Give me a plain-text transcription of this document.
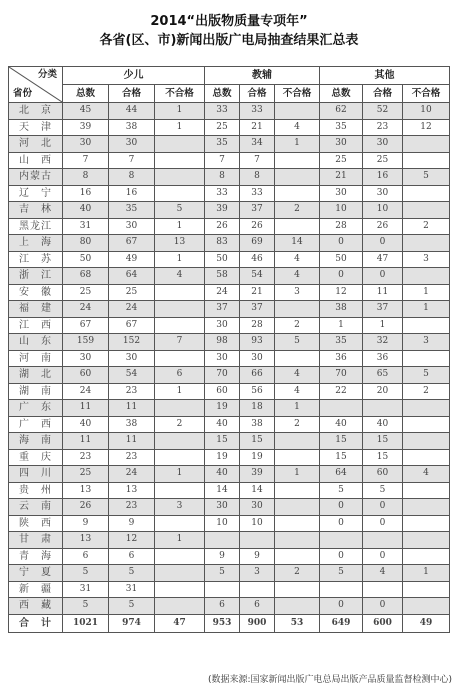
2014“出版物质量专项年”
各省(区、市)新闻出版广电局抽查结果汇总表
分类
省份	少儿			教辅			其他		
	总数	合格	不合格	总数	合格	不合格	总数	合格	不合格
北　京	45	44	1	33	33		62	52	10
天　津	39	38	1	25	21	4	35	23	12
河　北	30	30		35	34	1	30	30	
山　西	7	7		7	7		25	25	
内蒙古	8	8		8	8		21	16	5
辽　宁	16	16		33	33		30	30	
吉　林	40	35	5	39	37	2	10	10	
黑龙江	31	30	1	26	26		28	26	2
上　海	80	67	13	83	69	14	0	0	
江　苏	50	49	1	50	46	4	50	47	3
浙　江	68	64	4	58	54	4	0	0	
安　徽	25	25		24	21	3	12	11	1
福　建	24	24		37	37		38	37	1
江　西	67	67		30	28	2	1	1	
山　东	159	152	7	98	93	5	35	32	3
河　南	30	30		30	30		36	36	
湖　北	60	54	6	70	66	4	70	65	5
湖　南	24	23	1	60	56	4	22	20	2
广　东	11	11		19	18	1			
广　西	40	38	2	40	38	2	40	40	
海　南	11	11		15	15		15	15	
重　庆	23	23		19	19		15	15	
四　川	25	24	1	40	39	1	64	60	4
贵　州	13	13		14	14		5	5	
云　南	26	23	3	30	30		0	0	
陕　西	9	9		10	10		0	0	
甘　肃	13	12	1						
青　海	6	6		9	9		0	0	
宁　夏	5	5		5	3	2	5	4	1
新　疆	31	31							
西　藏	5	5		6	6		0	0	
合　计	1021	974	47	953	900	53	649	600	49
(数据来源:国家新闻出版广电总局出版产品质量监督检测中心)
